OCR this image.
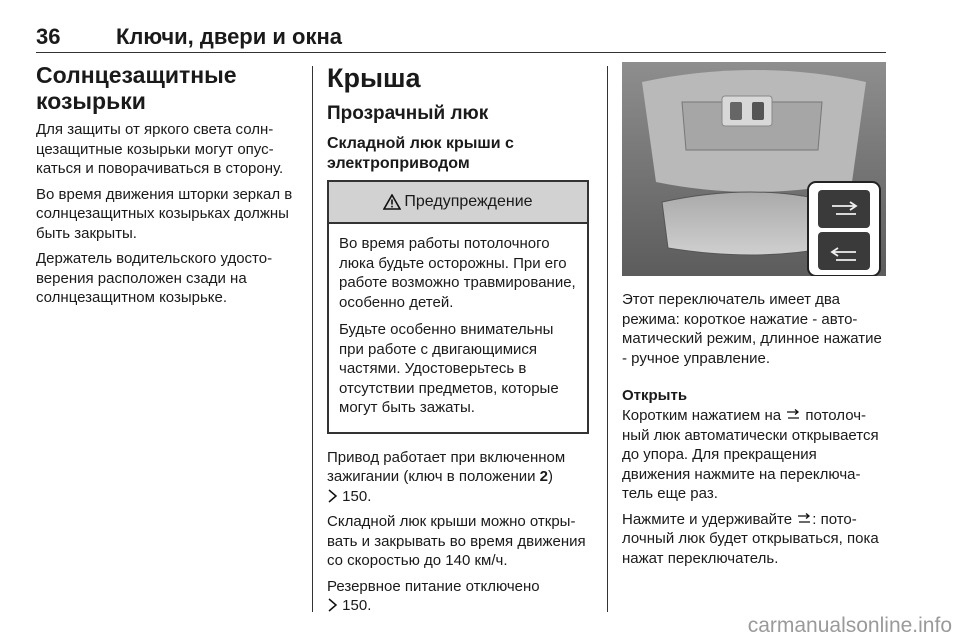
36	Ключи, двери и окна
Солнцезащитные козырьки

Для защиты от яркого света солнцезащитные козырьки могут опускаться и поворачиваться в сторону.

Во время движения шторки зеркал в солнцезащитных козырьках должны быть закрыты.

Держатель водительского удостоверения расположен сзади на солнцезащитном козырьке.

Крыша
Прозрачный люк
Складной люк крыши с электроприводом
Предупреждение

Во время работы потолочного люка будьте осторожны. При его работе возможно травмирование, особенно детей.

Будьте особенно внимательны при работе с двигающимися частями. Удостоверьтесь в отсутствии предметов, которые могут быть зажаты.

Привод работает при включенном зажигании (ключ в положении 2)
150.

Складной люк крыши можно открывать и закрывать во время движения со скоростью до 140 км/ч.

Резервное питание отключено
150.

Этот переключатель имеет два режима: короткое нажатие - автоматический режим, длинное нажатие - ручное управление.

Открыть

Коротким нажатием на  потолочный люк автоматически открывается до упора. Для прекращения движения нажмите на переключатель еще раз.

Нажмите и удерживайте : потолочный люк будет открываться, пока нажат переключатель.

carmanualsonline.info
